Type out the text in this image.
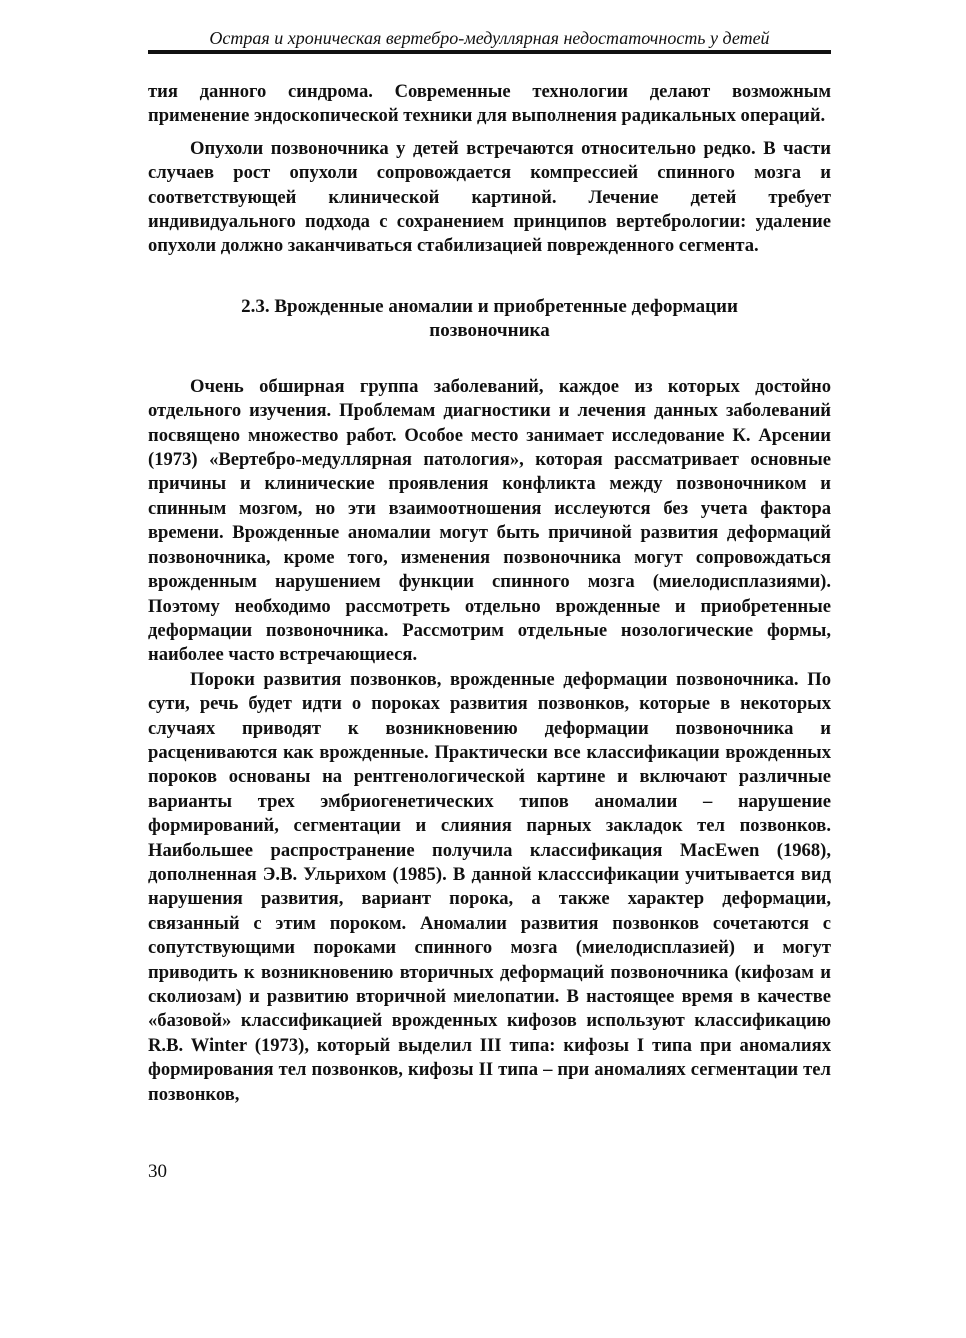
Острая и хроническая вертебро-медуллярная недостаточность у детей

тия данного синдрома. Современные технологии делают возможным применение эндоскопической техники для выполнения радикальных операций.

Опухоли позвоночника у детей встречаются относительно редко. В части случаев рост опухоли сопровождается компрессией спинного мозга и соответствующей клинической картиной. Лечение детей требует индивидуального подхода с сохранением принципов вертебрологии: удаление опухоли должно заканчиваться стабилизацией поврежденного сегмента.

2.3. Врожденные аномалии и приобретенные деформации
позвоночника

Очень обширная группа заболеваний, каждое из которых достойно отдельного изучения. Проблемам диагностики и лечения данных заболеваний посвящено множество работ. Особое место занимает исследование К. Арсении (1973) «Вертебро-медуллярная патология», которая рассматривает основные причины и клинические проявления конфликта между позвоночником и спинным мозгом, но эти взаимоотношения исслеуются без учета фактора времени. Врожденные аномалии могут быть причиной развития деформаций позвоночника, кроме того, изменения позвоночника могут сопровождаться врожденным нарушением функции спинного мозга (миелодисплазиями). Поэтому необходимо рассмотреть отдельно врожденные и приобретенные деформации позвоночника. Рассмотрим отдельные нозологические формы, наиболее часто встречающиеся.

Пороки развития позвонков, врожденные деформации позвоночника. По сути, речь будет идти о пороках развития позвонков, которые в некоторых случаях приводят к возникновению деформации позвоночника и расцениваются как врожденные. Практически все классификации врожденных пороков основаны на рентгенологической картине и включают различные варианты трех эмбриогенетических типов аномалии – нарушение формирований, сегментации и слияния парных закладок тел позвонков. Наибольшее распространение получила классификация MacEwen (1968), дополненная Э.В. Ульрихом (1985). В данной класссификации учитывается вид нарушения развития, вариант порока, а также характер деформации, связанный с этим пороком. Аномалии развития позвонков сочетаются с сопутствующими пороками спинного мозга (миелодисплазией) и могут приводить к возникновению вторичных деформаций позвоночника (кифозам и сколиозам) и развитию вторичной миелопатии. В настоящее время в качестве «базовой» классификацией врожденных кифозов используют классификацию R.B. Winter (1973), который выделил III типа: кифозы I типа при аномалиях формирования тел позвонков, кифозы II типа – при аномалиях сегментации тел позвонков,

30
